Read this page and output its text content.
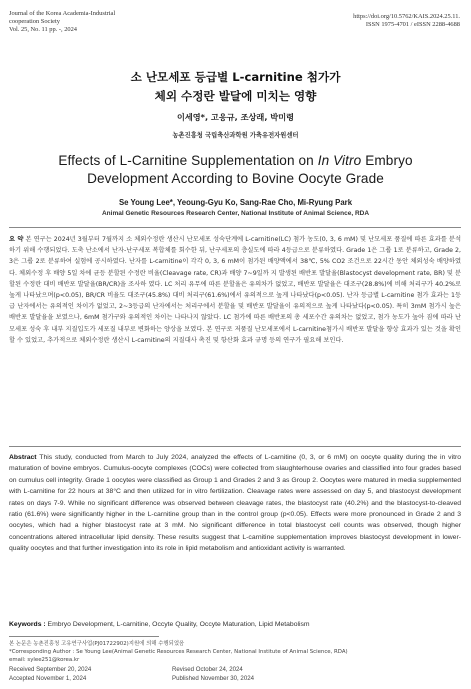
Journal of the Korea Academia-Industrial
cooperation Society
Vol. 25, No. 11 pp. -, 2024
https://doi.org/10.5762/KAIS.2024.25.11.
ISSN 1975-4701 / eISSN 2288-4688
소 난모세포 등급별 L-carnitine 첨가가
체외 수정란 발달에 미치는 영향
이세영*, 고응규, 조상래, 박미령
농촌진흥청 국립축산과학원 가축유전자원센터
Effects of L-Carnitine Supplementation on In Vitro Embryo
Development According to Bovine Oocyte Grade
Se Young Lee*, Yeoung-Gyu Ko, Sang-Rae Cho, Mi-Ryung Park
Animal Genetic Resources Research Center, National Institute of Animal Science, RDA
요 약 본 연구는 2024년 3월부터 7월까지 소 체외수정란 생산시 난모세포 성숙단계에 L-carnitine(LC) 첨가 농도(0, 3, 6 mM) 및 난모세포 품질에 따른 효과를 분석하기 위해 수행되었다. 도축 난소에서 난자-난구세포 복합체를 회수한 뒤, 난구세포의 층실도에 따라 4등급으로 분류하였다. Grade 1은 그룹 1로 분류하고, Grade 2, 3은 그룹 2로 분류하여 실험에 공시하였다. 난자를 L-carnitine이 각각 0, 3, 6 mM이 첨가된 배양액에서 38℃, 5% CO2 조건으로 22시간 동안 체외성숙 배양하였다. 체외수정 후 배양 5일 차에 균등 분할된 수정란 비율(Cleavage rate, CR)과 배양 7~9일까 지 발생된 배반포 발달율(Blastocyst development rate, BR) 및 분할된 수정란 대비 배반포 발달율(BR/CR)을 조사하 였다. LC 처리 유무에 따른 분할율은 유의차가 없었고, 배반포 발달율은 대조구(28.8%)에 비해 처리구가 40.2%로 높게 나타났으며(p<0.05), BR/CR 비율도 대조구(45.8%) 대비 처리구(61.6%)에서 유의적으로 높게 나타났다(p<0.05). 난자 등급별 L-carnitine 첨가 효과는 1등급 난자에서는 유의적인 차이가 없었고, 2~3등급의 난자에서는 처리구에서 분할율 및 배반포 발달율이 유의적으로 높게 나타났다(p<0.05). 특히 3mM 첨가시 높은 배반포 발달율을 보였으나, 6mM 첨가구와 유의적인 차이는 나타나지 않았다. LC 첨가에 따른 배반포의 총 세포수간 유의차는 없었고, 첨가 농도가 높아 짐에 따라 난모세포 성숙 후 내부 지질입도가 세포질 내부로 변화하는 양상을 보였다. 본 연구로 저품질 난모세포에서 L-carnitine첨가시 배반포 발달을 향상 효과가 있는 것을 확인할 수 있었고, 추가적으로 체외수정란 생산시 L-carnitine의 지질대사 촉진 및 항산화 효과 규명 등의 연구가 필요해 보인다.
Abstract This study, conducted from March to July 2024, analyzed the effects of L-carnitine (0, 3, or 6 mM) on oocyte quality during the in vitro maturation of bovine embryos. Cumulus-oocyte complexes (COCs) were collected from slaughterhouse ovaries and classified into four grades based on cumulus cell integrity. Grade 1 oocytes were classified as Group 1 and Grades 2 and 3 as Group 2. Oocytes were matured in media supplemented with L-carnitine for 22 hours at 38°C and then utilized for in vitro fertilization. Cleavage rates were assessed on day 5, and blastocyst development rates on days 7-9. While no significant difference was observed between cleavage rates, the blastocyst rate (40.2%) and the blastocyst-to-cleaved ratio (61.6%) were significantly higher in the L-carnitine group than in the control group (p<0.05). Effects were more pronounced in Grade 2 and 3 oocytes, which had a higher blastocyst rate at 3 mM. No significant difference in total blastocyst cell counts was observed, though higher concentrations altered intracellular lipid density. These results suggest that L-carnitine supplementation improves blastocyst development in lower-quality oocytes and that further investigation into its role in lipid metabolism and antioxidant activity is warranted.
Keywords : Embryo Development, L-carnitine, Occyte Quality, Occyte Maturation, Lipid Metabolism
본 논문은 농촌진흥청 고유연구사업(PJ01722902)지원에 의해 수행되었음
*Corresponding Author : Se Young Lee(Animal Genetic Resources Research Center, National Institute of Animal Science, RDA)
email: sylee251@korea.kr
Received September 20, 2024	Revised October 24, 2024
Accepted November 1, 2024	Published November 30, 2024
